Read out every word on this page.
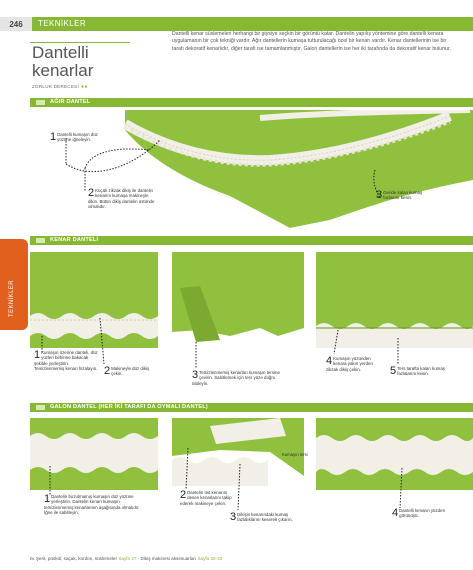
246	TEKNİKLER
Dantelli
kenarlar
ZORLUK DERECESİ ●●
Dantelli kenar süslemeleri herhangi bir giysiye seçkin bir görüntü katar. Dantelin yapılış yöntemine göre dantelli kenara uygulamanın bir çok tekniği vardır. Ağır dantellerin kumaşa tutturulacağı özel bir kenarı vardır. Kenar dantellerinin ise bir tarafı dekoratif kenarlıdır, diğer tarafı ise tamamlanmıştır. Galon dantellerin ise her iki tarafında da dekoratif kenar bulunur.
TEKNİKLER
AĞIR DANTEL
1 Dantelli kumaşın düz yüzüne iğneleyin.
2 Küçük zikzak dikiş ile dantelin kenarını kumaşa makineyle dikin. Bütün dikiş dantelin üstünde olmalıdır.
3 Geride kalan kumaş fazlasını kesin.
KENAR DANTELİ
1 Kumaşın üzerine danteli, düz yüzleri birbirine bakacak şekilde yerleştirin. Temizlenmemiş kenarı hizalayın. 2 Makineyle düz dikiş çekin.	3 Temizlenmemiş kenarları kumaşın tersine çevirin. Sabitlemek için ters yüze doğru ütüleyin.
4 Kumaşın yüzünden kenara yakın yerden zikzak dikiş çekin.	5 Ters tarafta kalan kumaş fazlalarını kesin.
GALON DANTEL (HER İKİ TARAFI DA OYMALI DANTEL)
Kumaşın tersi
1 Dantelin bozulmamış kumaşın düz yüzüne yerleştirin. Dantelin kenarı kumaşın temizlenmemiş kenarlarının aşağısında olmalıdır. İğne ile sabitleyin.
2 Dantelin üst kenarını desen kenarlarını takip ederek makineye çekin.
3 Dikişin kenarındaki kumaş fazlalıklarını keserek çıkarın.
4 Dantelli kenarın yüzden görünüşü.
ᴇᴋ Şerit, püskül, saçak, kordon, süslemeler Sayfa 27 · Dikiş makinesi aksesuarları Sayfa 32-33
